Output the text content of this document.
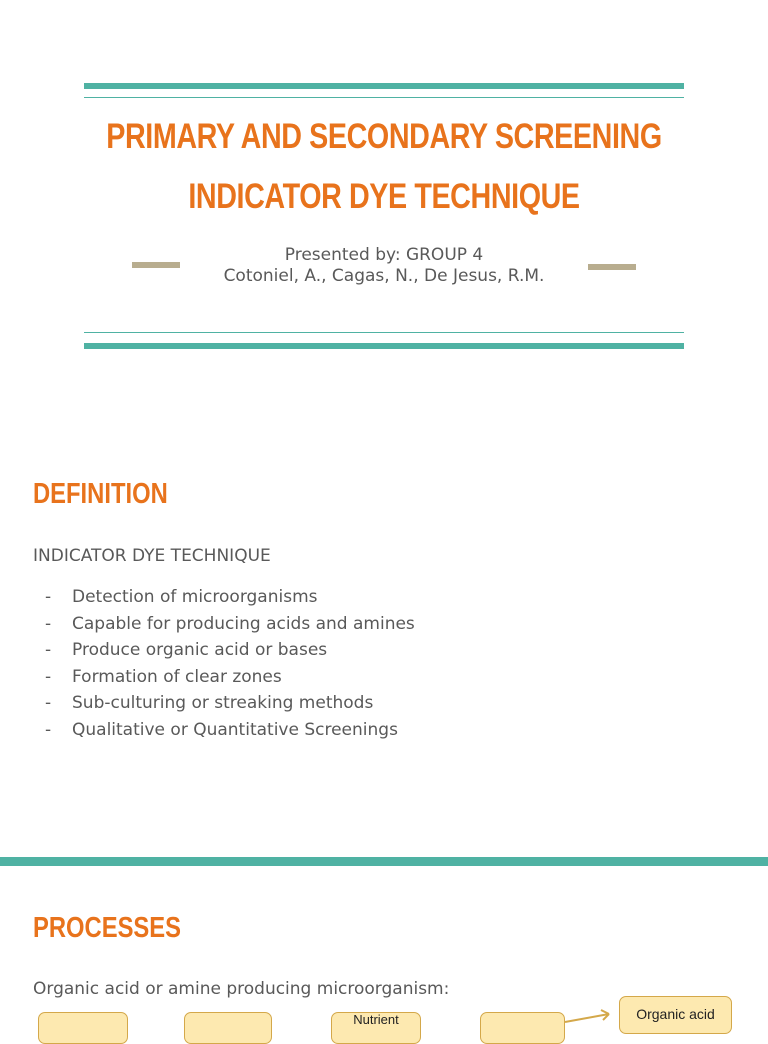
PRIMARY AND SECONDARY SCREENING
INDICATOR DYE TECHNIQUE
Presented by: GROUP 4
Cotoniel, A., Cagas, N., De Jesus, R.M.
DEFINITION
INDICATOR DYE TECHNIQUE
- Detection of microorganisms
- Capable for producing acids and amines
- Produce organic acid or bases
- Formation of clear zones
- Sub-culturing or streaking methods
- Qualitative or Quantitative Screenings
PROCESSES
Organic acid or amine producing microorganism:
Nutrient	Organic acid
